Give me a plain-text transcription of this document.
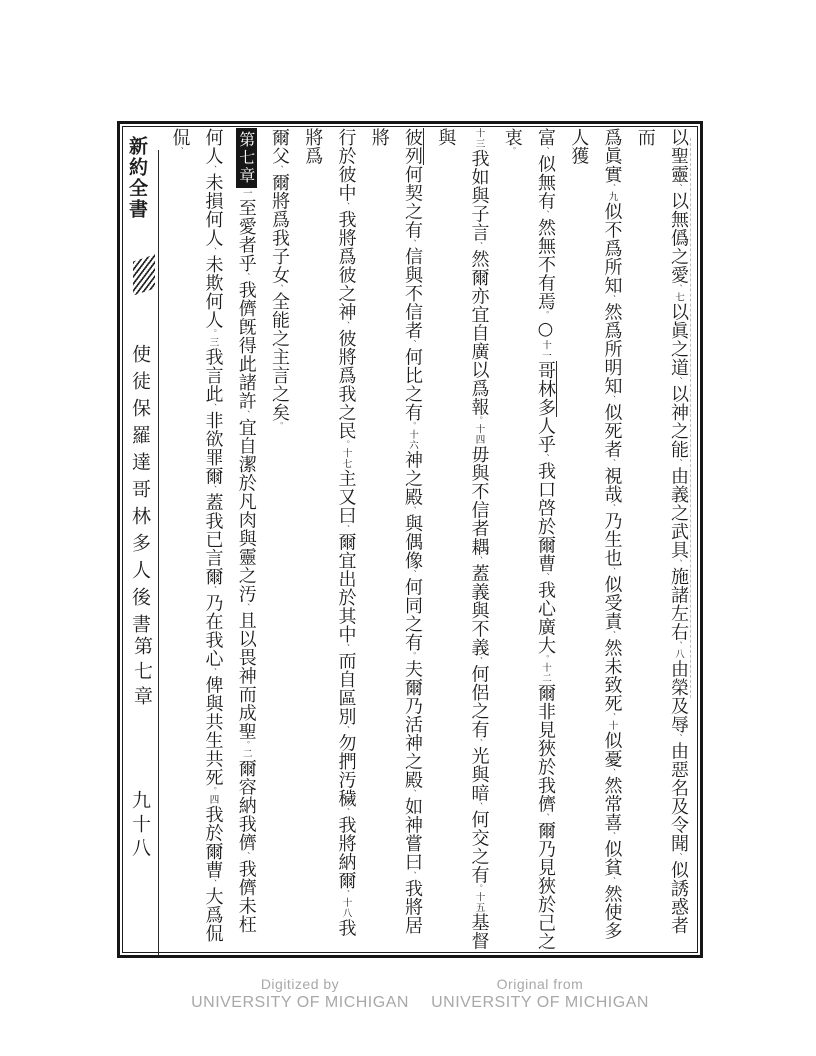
新約全書
使徒保羅達哥林多人後書
第七章
九十八
以聖靈、以無僞之愛、七以眞之道、以神之能、由義之武具、施諸左右、八由榮及辱、由惡名及令聞、似誘惑者而
爲眞實、九似不爲所知、然爲所明知、似死者、視哉、乃生也、似受責、然未致死、十似憂、然常喜、似貧、然使多人獲
富、似無有、然無不有焉。○十一哥林多人乎、我口啓於爾曹、我心廣大。十二爾非見狹於我儕、爾乃見狹於己之衷。
十三我如與子言、然爾亦宜自廣以爲報。十四毋與不信者耦、蓋義與不義、何侶之有、光與暗、何交之有。十五基督與
彼列何契之有、信與不信者、何比之有。十六神之殿、與偶像、何同之有。夫爾乃活神之殿、如神嘗曰、我將居將
行於彼中、我將爲彼之神、彼將爲我之民。十七主又曰、爾宜出於其中、而自區別、勿捫汚穢、我將納爾、十八我將爲
爾父、爾將爲我子女、全能之主言之矣。
第七章一至愛者乎、我儕旣得此諸許、宜自潔於凡肉與靈之汚、且以畏神而成聖。二爾容納我儕、我儕未枉
何人、未損何人、未欺何人。三我言此、非欲罪爾、蓋我已言爾、乃在我心、俾與共生共死。四我於爾曹、大爲侃侃、
Digitized by
UNIVERSITY OF MICHIGAN
Original from
UNIVERSITY OF MICHIGAN
